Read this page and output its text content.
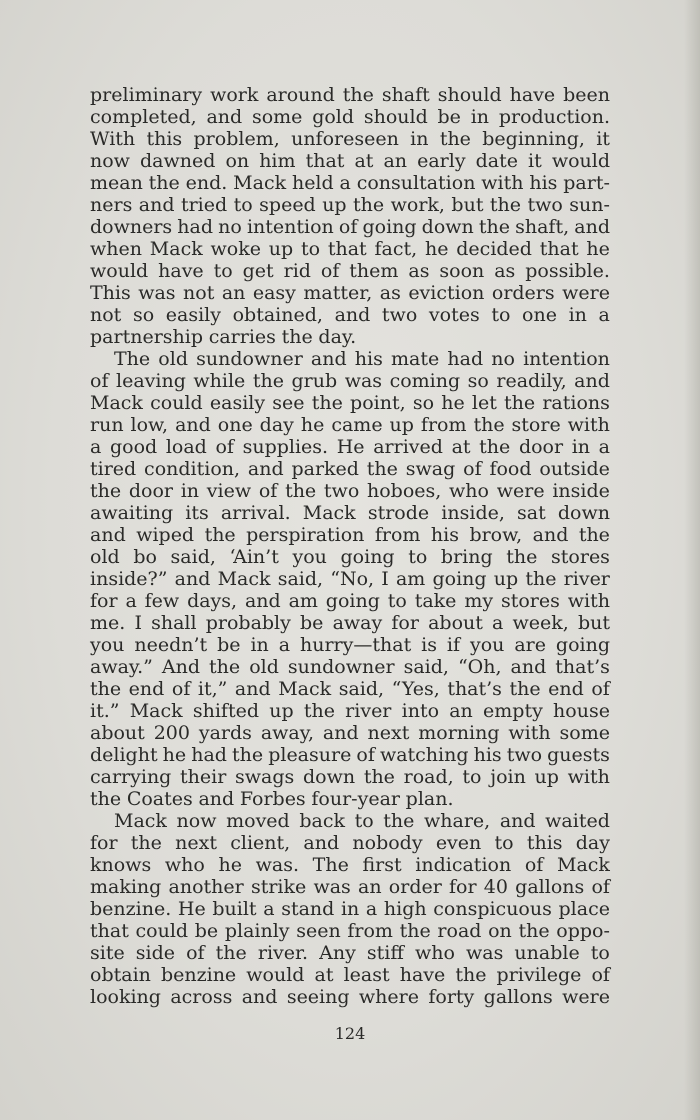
preliminary work around the shaft should have been
completed, and some gold should be in production.
With this problem, unforeseen in the beginning, it
now dawned on him that at an early date it would
mean the end. Mack held a consultation with his part-
ners and tried to speed up the work, but the two sun-
downers had no intention of going down the shaft, and
when Mack woke up to that fact, he decided that he
would have to get rid of them as soon as possible.
This was not an easy matter, as eviction orders were
not so easily obtained, and two votes to one in a
partnership carries the day.
The old sundowner and his mate had no intention
of leaving while the grub was coming so readily, and
Mack could easily see the point, so he let the rations
run low, and one day he came up from the store with
a good load of supplies. He arrived at the door in a
tired condition, and parked the swag of food outside
the door in view of the two hoboes, who were inside
awaiting its arrival. Mack strode inside, sat down
and wiped the perspiration from his brow, and the
old bo said, ‘Ain’t you going to bring the stores
inside?” and Mack said, “No, I am going up the river
for a few days, and am going to take my stores with
me. I shall probably be away for about a week, but
you needn’t be in a hurry—that is if you are going
away.” And the old sundowner said, “Oh, and that’s
the end of it,” and Mack said, “Yes, that’s the end of
it.” Mack shifted up the river into an empty house
about 200 yards away, and next morning with some
delight he had the pleasure of watching his two guests
carrying their swags down the road, to join up with
the Coates and Forbes four-year plan.
Mack now moved back to the whare, and waited
for the next client, and nobody even to this day
knows who he was. The first indication of Mack
making another strike was an order for 40 gallons of
benzine. He built a stand in a high conspicuous place
that could be plainly seen from the road on the oppo-
site side of the river. Any stiff who was unable to
obtain benzine would at least have the privilege of
looking across and seeing where forty gallons were
124
